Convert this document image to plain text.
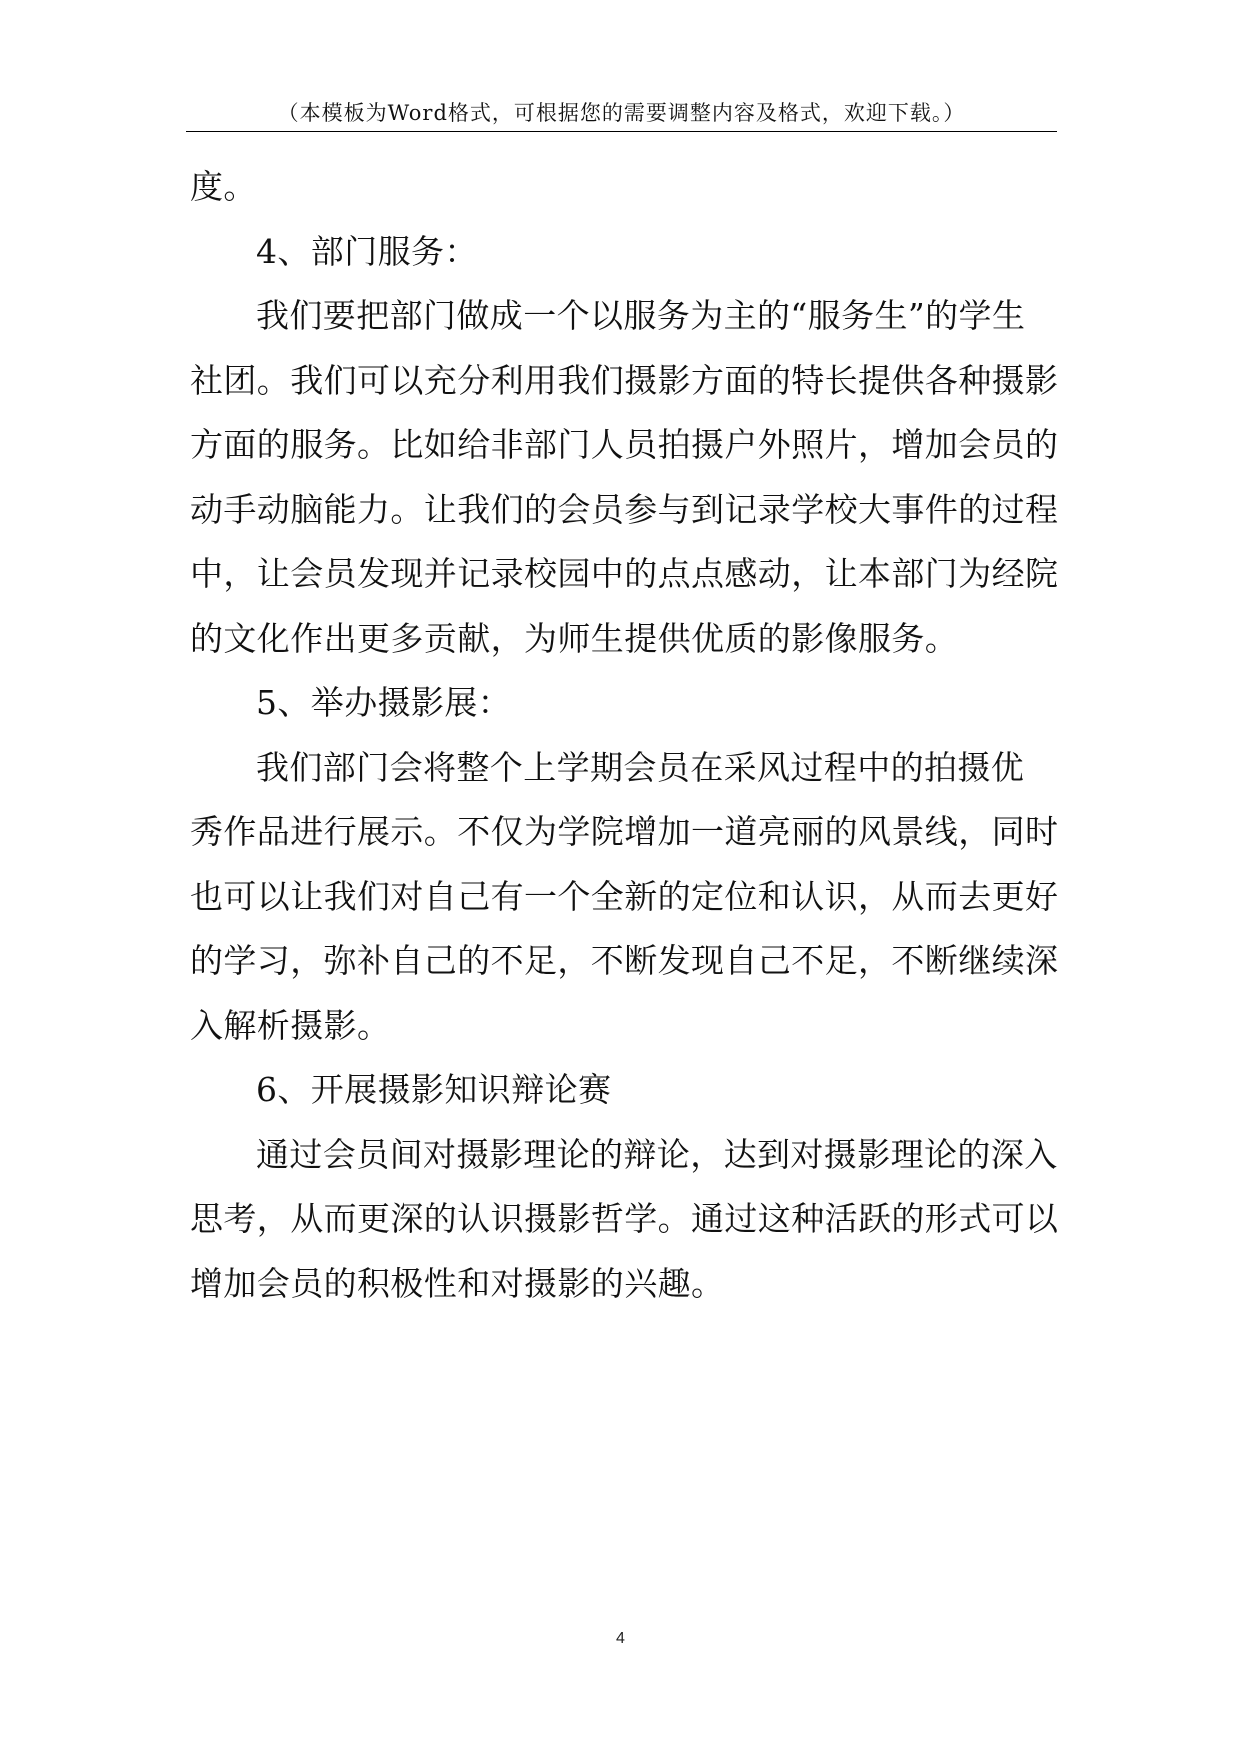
（本模板为Word格式，可根据您的需要调整内容及格式，欢迎下载。）
度。
4、部门服务：
我们要把部门做成一个以服务为主的“服务生”的学生
社团。我们可以充分利用我们摄影方面的特长提供各种摄影
方面的服务。比如给非部门人员拍摄户外照片，增加会员的
动手动脑能力。让我们的会员参与到记录学校大事件的过程
中，让会员发现并记录校园中的点点感动，让本部门为经院
的文化作出更多贡献，为师生提供优质的影像服务。
5、举办摄影展：
我们部门会将整个上学期会员在采风过程中的拍摄优
秀作品进行展示。不仅为学院增加一道亮丽的风景线，同时
也可以让我们对自己有一个全新的定位和认识，从而去更好
的学习，弥补自己的不足，不断发现自己不足，不断继续深
入解析摄影。
6、开展摄影知识辩论赛
通过会员间对摄影理论的辩论，达到对摄影理论的深入
思考，从而更深的认识摄影哲学。通过这种活跃的形式可以
增加会员的积极性和对摄影的兴趣。
4
